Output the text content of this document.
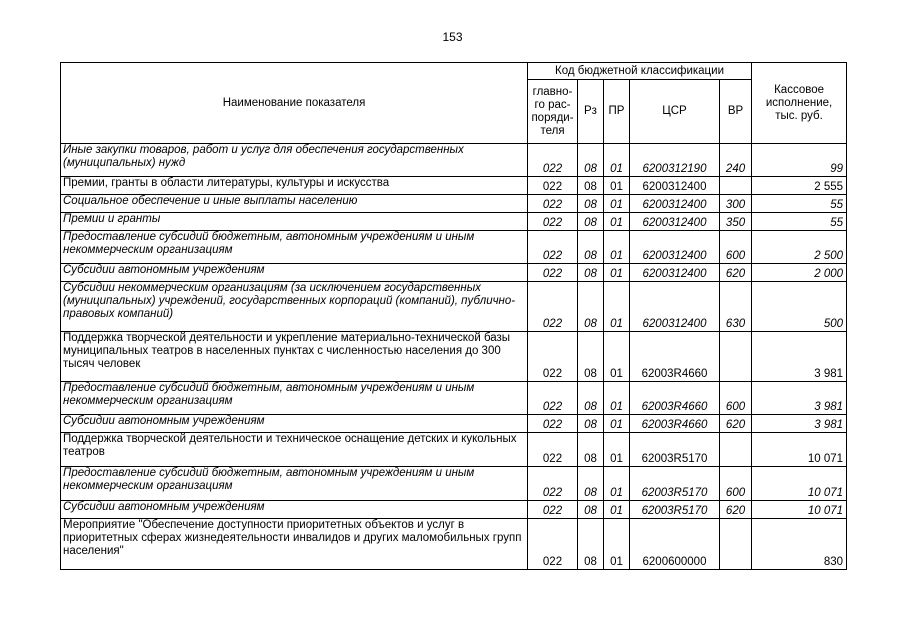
153
Наименование показателя	Код бюджетной классификации					Кассовое исполнение, тыс. руб.
	главно-го рас-поряди-теля	Рз	ПР	ЦСР	ВР	
Иные закупки товаров, работ и услуг для обеспечения государственных (муниципальных) нужд	022	08	01	6200312190	240	99
Премии, гранты в области литературы, культуры и искусства	022	08	01	6200312400		2 555
Социальное обеспечение и иные выплаты населению	022	08	01	6200312400	300	55
Премии и гранты	022	08	01	6200312400	350	55
Предоставление субсидий бюджетным, автономным учреждениям и иным некоммерческим организациям	022	08	01	6200312400	600	2 500
Субсидии автономным учреждениям	022	08	01	6200312400	620	2 000
Субсидии некоммерческим организациям (за исключением государственных (муниципальных) учреждений, государственных корпораций (компаний), публично-правовых компаний)	022	08	01	6200312400	630	500
Поддержка творческой деятельности и укрепление материально-технической базы муниципальных театров в населенных пунктах с численностью населения до 300 тысяч человек	022	08	01	62003R4660		3 981
Предоставление субсидий бюджетным, автономным учреждениям и иным некоммерческим организациям	022	08	01	62003R4660	600	3 981
Субсидии автономным учреждениям	022	08	01	62003R4660	620	3 981
Поддержка творческой деятельности и техническое оснащение детских и кукольных театров	022	08	01	62003R5170		10 071
Предоставление субсидий бюджетным, автономным учреждениям и иным некоммерческим организациям	022	08	01	62003R5170	600	10 071
Субсидии автономным учреждениям	022	08	01	62003R5170	620	10 071
Мероприятие "Обеспечение доступности приоритетных объектов и услуг в приоритетных сферах жизнедеятельности инвалидов и других маломобильных групп населения"	022	08	01	6200600000		830
